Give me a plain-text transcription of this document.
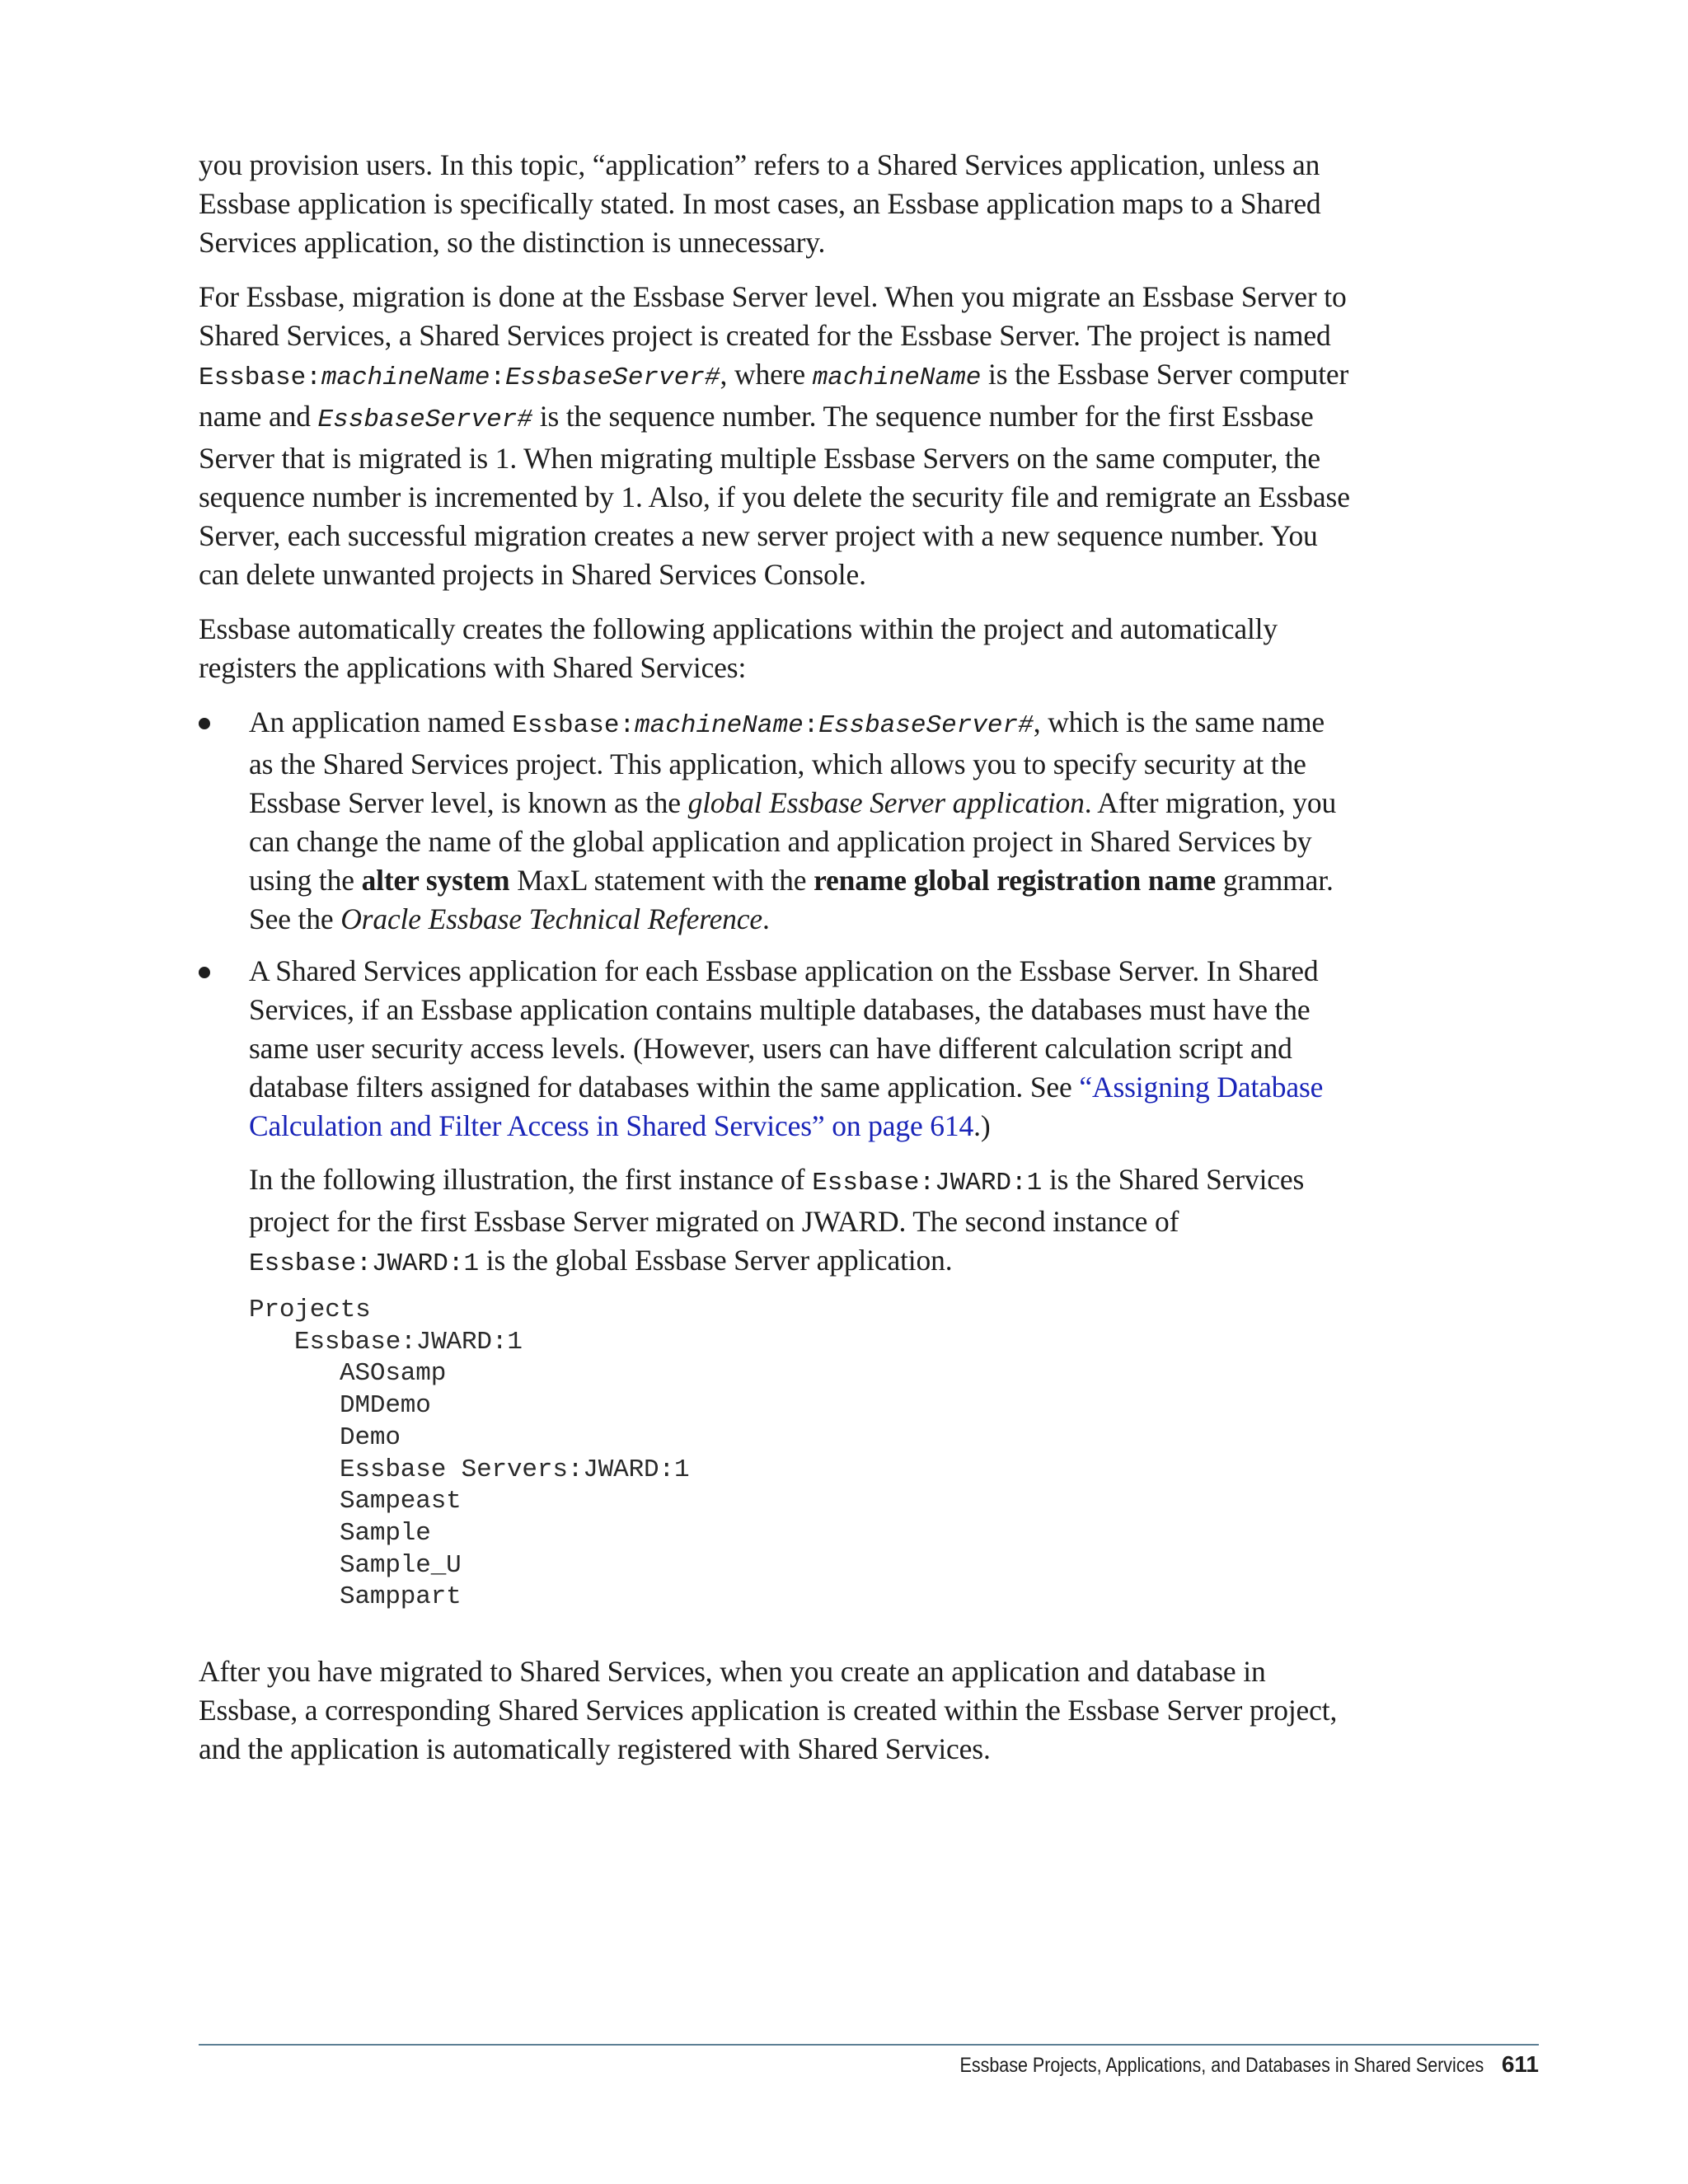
you provision users. In this topic, “application” refers to a Shared Services application, unless an Essbase application is specifically stated. In most cases, an Essbase application maps to a Shared Services application, so the distinction is unnecessary.

For Essbase, migration is done at the Essbase Server level. When you migrate an Essbase Server to Shared Services, a Shared Services project is created for the Essbase Server. The project is named Essbase:machineName:EssbaseServer#, where machineName is the Essbase Server computer name and EssbaseServer# is the sequence number. The sequence number for the first Essbase Server that is migrated is 1. When migrating multiple Essbase Servers on the same computer, the sequence number is incremented by 1. Also, if you delete the security file and remigrate an Essbase Server, each successful migration creates a new server project with a new sequence number. You can delete unwanted projects in Shared Services Console.

Essbase automatically creates the following applications within the project and automatically registers the applications with Shared Services:

An application named Essbase:machineName:EssbaseServer#, which is the same name as the Shared Services project. This application, which allows you to specify security at the Essbase Server level, is known as the global Essbase Server application. After migration, you can change the name of the global application and application project in Shared Services by using the alter system MaxL statement with the rename global registration name grammar. See the Oracle Essbase Technical Reference.
A Shared Services application for each Essbase application on the Essbase Server. In Shared Services, if an Essbase application contains multiple databases, the databases must have the same user security access levels. (However, users can have different calculation script and database filters assigned for databases within the same application. See “Assigning Database Calculation and Filter Access in Shared Services” on page 614.)

In the following illustration, the first instance of Essbase:JWARD:1 is the Shared Services project for the first Essbase Server migrated on JWARD. The second instance of Essbase:JWARD:1 is the global Essbase Server application.

Projects
Essbase:JWARD:1
ASOsamp
DMDemo
Demo
Essbase Servers:JWARD:1
Sampeast
Sample
Sample_U
Samppart

After you have migrated to Shared Services, when you create an application and database in Essbase, a corresponding Shared Services application is created within the Essbase Server project, and the application is automatically registered with Shared Services.

Essbase Projects, Applications, and Databases in Shared Services 611
